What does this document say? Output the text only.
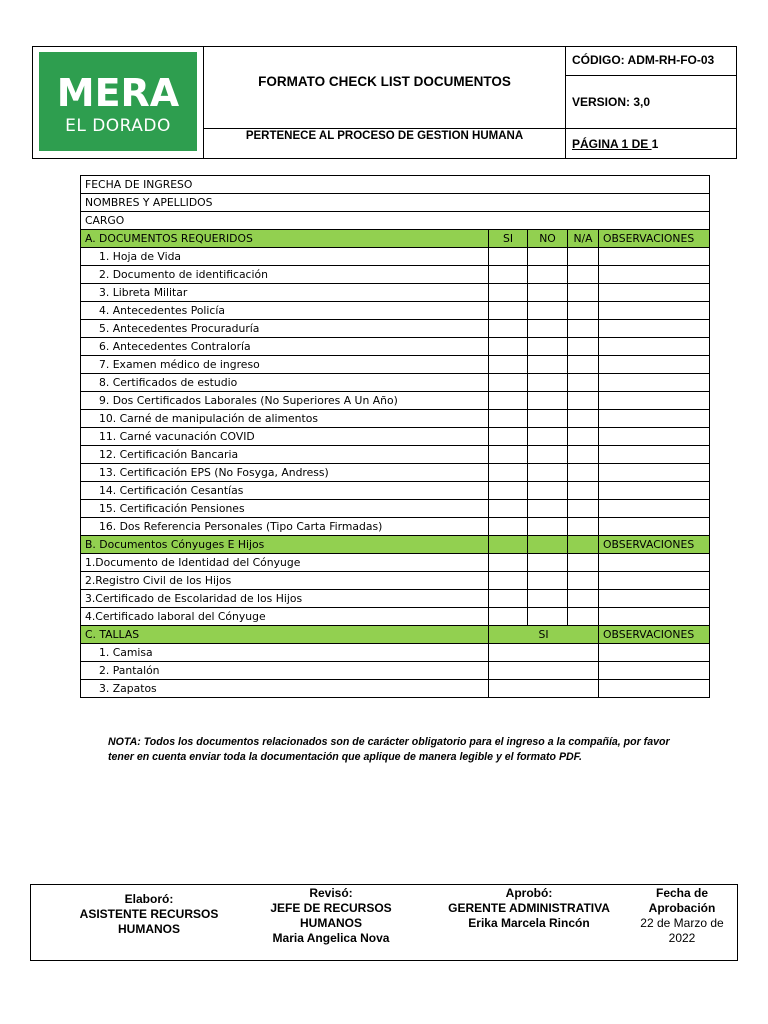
MERA
EL DORADO
FORMATO CHECK LIST DOCUMENTOS
PERTENECE AL PROCESO DE GESTION HUMANA
CÓDIGO: ADM-RH-FO-03
VERSION: 3,0
PÁGINA 1 DE 1
FECHA DE INGRESO				
NOMBRES Y APELLIDOS				
CARGO				
A. DOCUMENTOS REQUERIDOS	SI	NO	N/A	OBSERVACIONES
1. Hoja de Vida				
2. Documento de identificación				
3. Libreta Militar				
4. Antecedentes Policía				
5. Antecedentes Procuraduría				
6. Antecedentes Contraloría				
7. Examen médico de ingreso				
8. Certificados de estudio				
9. Dos Certificados Laborales (No Superiores A Un Año)				
10. Carné de manipulación de alimentos				
11. Carné vacunación COVID				
12. Certificación Bancaria				
13. Certificación EPS (No Fosyga, Andress)				
14. Certificación Cesantías				
15. Certificación Pensiones				
16. Dos Referencia Personales (Tipo Carta Firmadas)				
B. Documentos Cónyuges E Hijos				OBSERVACIONES
1.Documento de Identidad del Cónyuge				
2.Registro Civil de los Hijos				
3.Certificado de Escolaridad de los Hijos				
4.Certificado laboral del Cónyuge				
C. TALLAS	SI			OBSERVACIONES
1. Camisa				
2. Pantalón				
3. Zapatos				
NOTA: Todos los documentos relacionados son de carácter obligatorio para el ingreso a la compañía, por favor tener en cuenta enviar toda la documentación que aplique de manera legible y el formato PDF.
Elaboró:
ASISTENTE RECURSOS HUMANOS
Revisó:
JEFE DE RECURSOS HUMANOS
Maria Angelica Nova
Aprobó:
GERENTE ADMINISTRATIVA
Erika Marcela Rincón
Fecha de Aprobación
22 de Marzo de 2022
